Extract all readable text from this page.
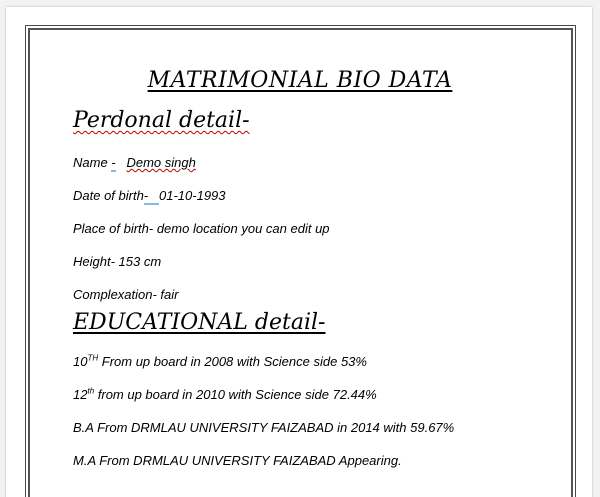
MATRIMONIAL BIO DATA
Perdonal detail-
Name - Demo singh
Date of birth- 01-10-1993
Place of birth- demo location you can edit up
Height- 153 cm
Complexation- fair
EDUCATIONAL detail-
10TH From up board in 2008 with Science side 53%
12th from up board in 2010 with Science side 72.44%
B.A From DRMLAU UNIVERSITY FAIZABAD in 2014 with 59.67%
M.A From DRMLAU UNIVERSITY FAIZABAD Appearing.
